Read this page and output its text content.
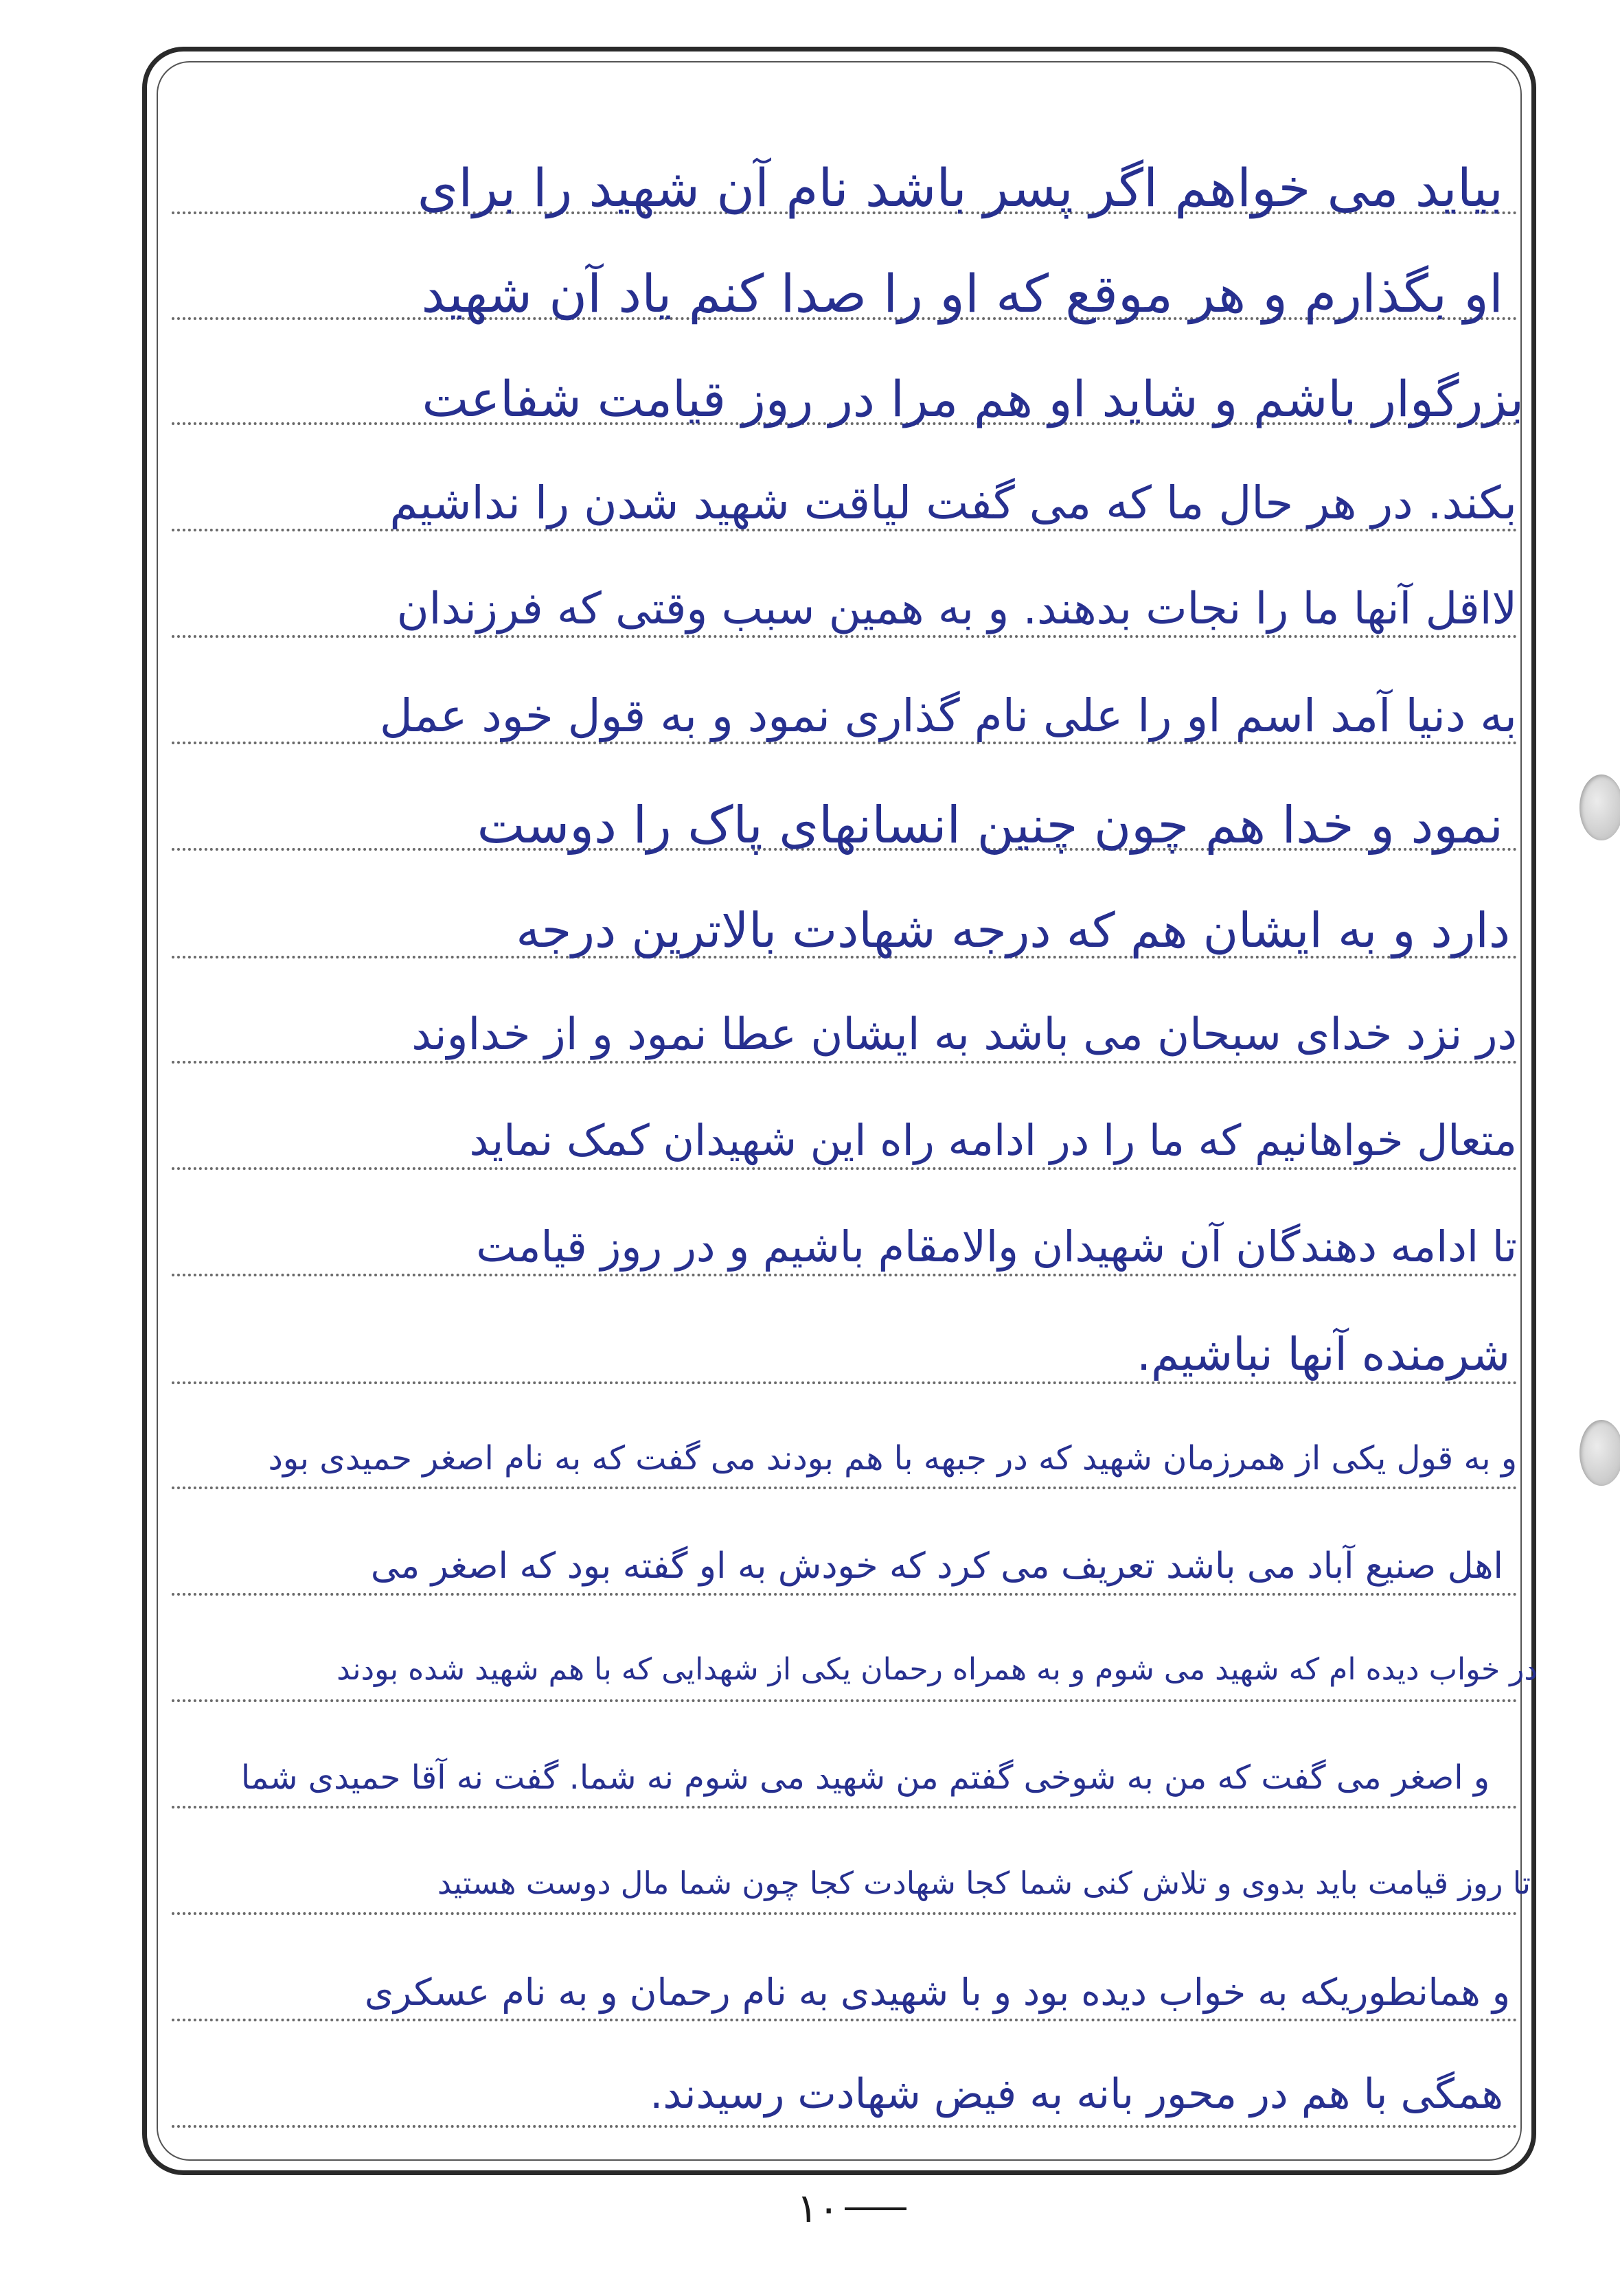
بیاید می خواهم اگر پسر باشد نام آن شهید را برای
او بگذارم و هر موقع که او را صدا کنم یاد آن شهید
بزرگوار باشم و شاید او هم مرا در روز قیامت شفاعت
بکند. در هر حال ما که می گفت لیاقت شهید شدن را نداشیم
لااقل آنها ما را نجات بدهند. و به همین سبب وقتی که فرزندان
به دنیا آمد اسم او را علی نام گذاری نمود و به قول خود عمل
نمود و خدا هم چون چنین انسانهای پاک را دوست
دارد و به ایشان هم که درجه شهادت بالاترین درجه
در نزد خدای سبحان می باشد به ایشان عطا نمود و از خداوند
متعال خواهانیم که ما را در ادامه راه این شهیدان کمک نماید
تا ادامه دهندگان آن شهیدان والامقام باشیم و در روز قیامت
شرمنده آنها نباشیم.
و به قول یکی از همرزمان شهید که در جبهه با هم بودند می گفت که به نام اصغر حمیدی بود
اهل صنیع آباد می باشد تعریف می کرد که خودش به او گفته بود که اصغر می
در خواب دیده ام که شهید می شوم و به همراه رحمان یکی از شهدایی که با هم شهید شده بودند
و اصغر می گفت که من به شوخی گفتم من شهید می شوم نه شما. گفت نه آقا حمیدی شما
تا روز قیامت باید بدوی و تلاش کنی شما کجا شهادت کجا چون شما مال دوست هستید
و همانطوریکه به خواب دیده بود و با شهیدی به نام رحمان و به نام عسکری
همگی با هم در محور بانه به فیض شهادت رسیدند.
۱۰
